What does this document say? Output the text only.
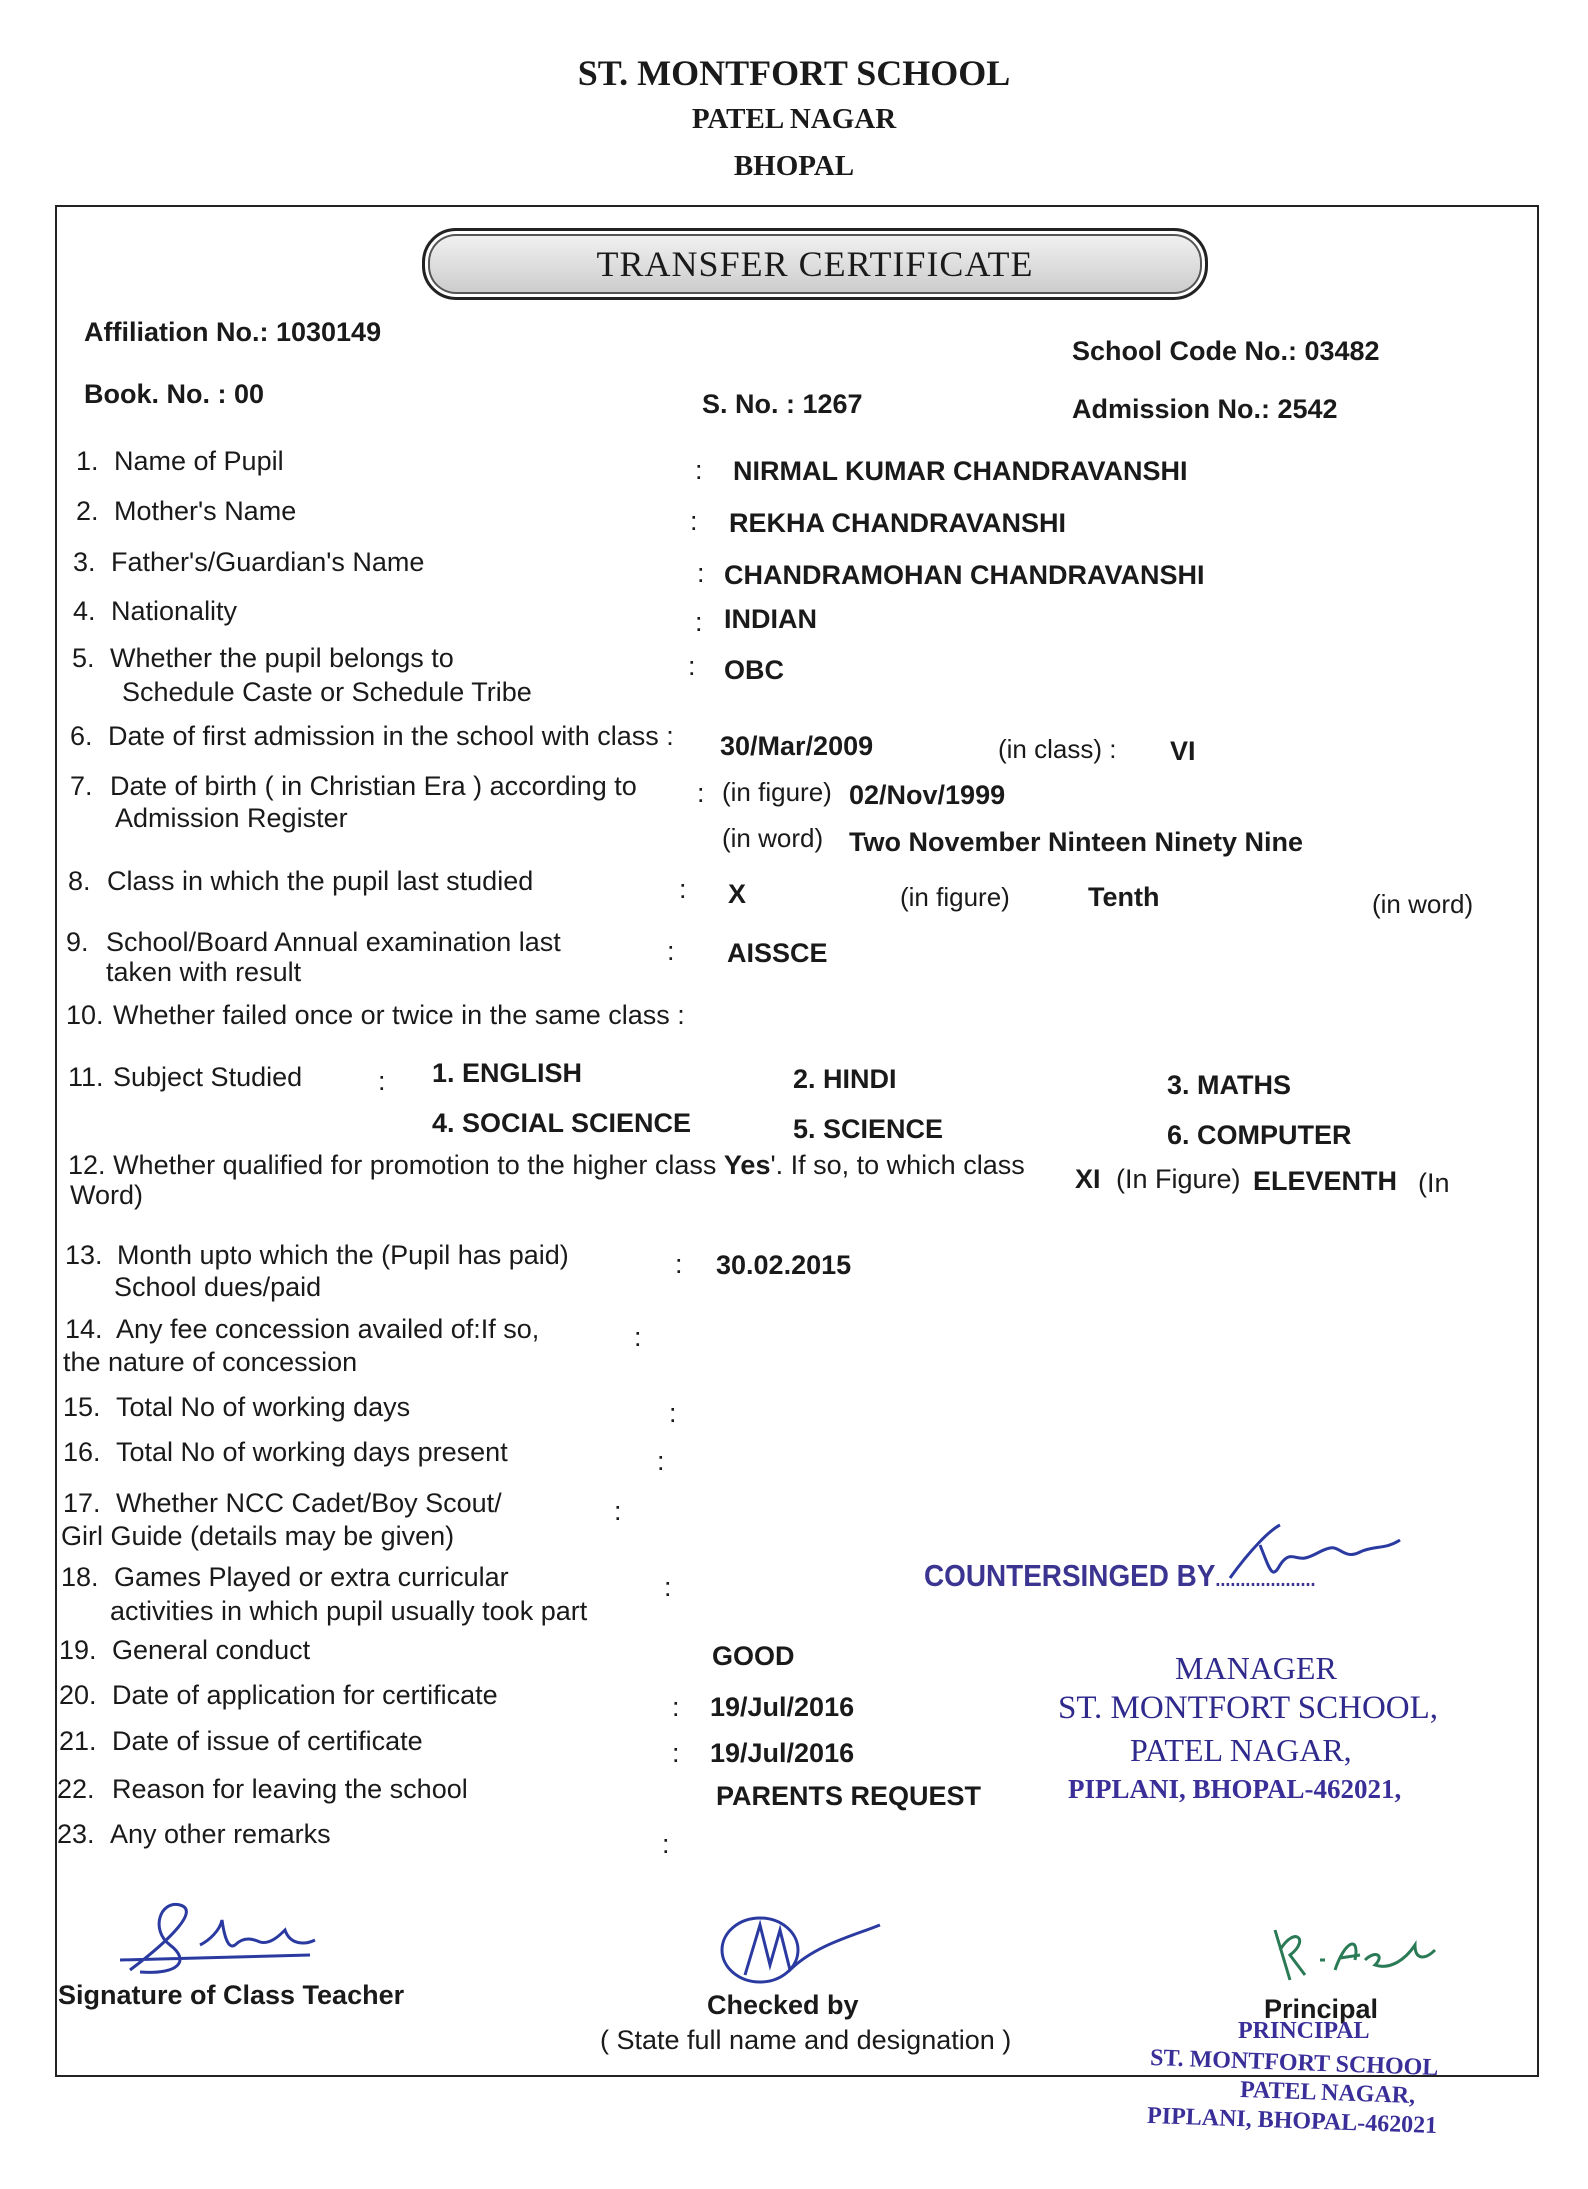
ST. MONTFORT SCHOOL
PATEL NAGAR
BHOPAL
TRANSFER CERTIFICATE
Affiliation No.: 1030149
School Code No.: 03482
Book. No. : 00	S. No. : 1267	Admission No.: 2542
1. Name of Pupil	: NIRMAL KUMAR CHANDRAVANSHI
2. Mother's Name	: REKHA CHANDRAVANSHI
3. Father's/Guardian's Name	: CHANDRAMOHAN CHANDRAVANSHI
4. Nationality	: INDIAN
5. Whether the pupil belongs to
Schedule Caste or Schedule Tribe
: OBC
6. Date of first admission in the school with class : 30/Mar/2009	(in class) : VI
7. Date of birth ( in Christian Era ) according to
Admission Register
: (in figure) 02/Nov/1999
(in word) Two November Ninteen Ninety Nine
8. Class in which the pupil last studied	: X	(in figure)	Tenth	(in word)
9. School/Board Annual examination last
taken with result
: AISSCE
10. Whether failed once or twice in the same class :
11. Subject Studied	: 1. ENGLISH	2. HINDI	3. MATHS
4. SOCIAL SCIENCE	5. SCIENCE	6. COMPUTER
12. Whether qualified for promotion to the higher class Yes'. If so, to which class XI (In Figure) ELEVENTH (In
Word)
13. Month upto which the (Pupil has paid)
School dues/paid
: 30.02.2015
14. Any fee concession availed of:If so,
the nature of concession
:
15. Total No of working days	:
16. Total No of working days present	:
17. Whether NCC Cadet/Boy Scout/
Girl Guide (details may be given)
:
18. Games Played or extra curricular
activities in which pupil usually took part
:
19. General conduct	GOOD
20. Date of application for certificate	: 19/Jul/2016
21. Date of issue of certificate	: 19/Jul/2016
22. Reason for leaving the school	PARENTS REQUEST
23. Any other remarks	:
COUNTERSINGED BY....................
MANAGER
ST. MONTFORT SCHOOL,
PATEL NAGAR,
PIPLANI, BHOPAL-462021,
Signature of Class Teacher	Checked by
( State full name and designation )
Principal
PRINCIPAL
ST. MONTFORT SCHOOL
PATEL NAGAR,
PIPLANI, BHOPAL-462021
